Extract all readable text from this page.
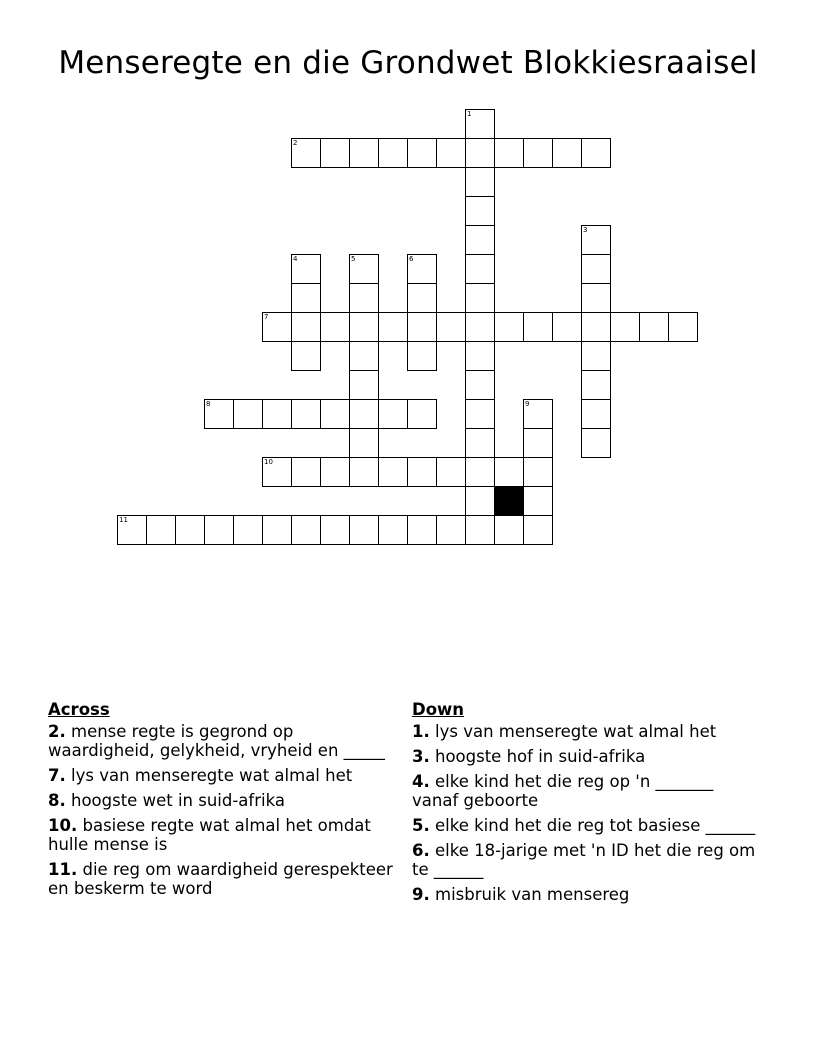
Menseregte en die Grondwet Blokkiesraaisel
1
2
3
4	5	6
7
8	9
10
11
Across
2. mense regte is gegrond op waardigheid, gelykheid, vryheid en _____
7. lys van menseregte wat almal het
8. hoogste wet in suid-afrika
10. basiese regte wat almal het omdat hulle mense is
11. die reg om waardigheid gerespekteer en beskerm te word
Down
1. lys van menseregte wat almal het
3. hoogste hof in suid-afrika
4. elke kind het die reg op 'n _______ vanaf geboorte
5. elke kind het die reg tot basiese ______
6. elke 18-jarige met 'n ID het die reg om te ______
9. misbruik van mensereg
